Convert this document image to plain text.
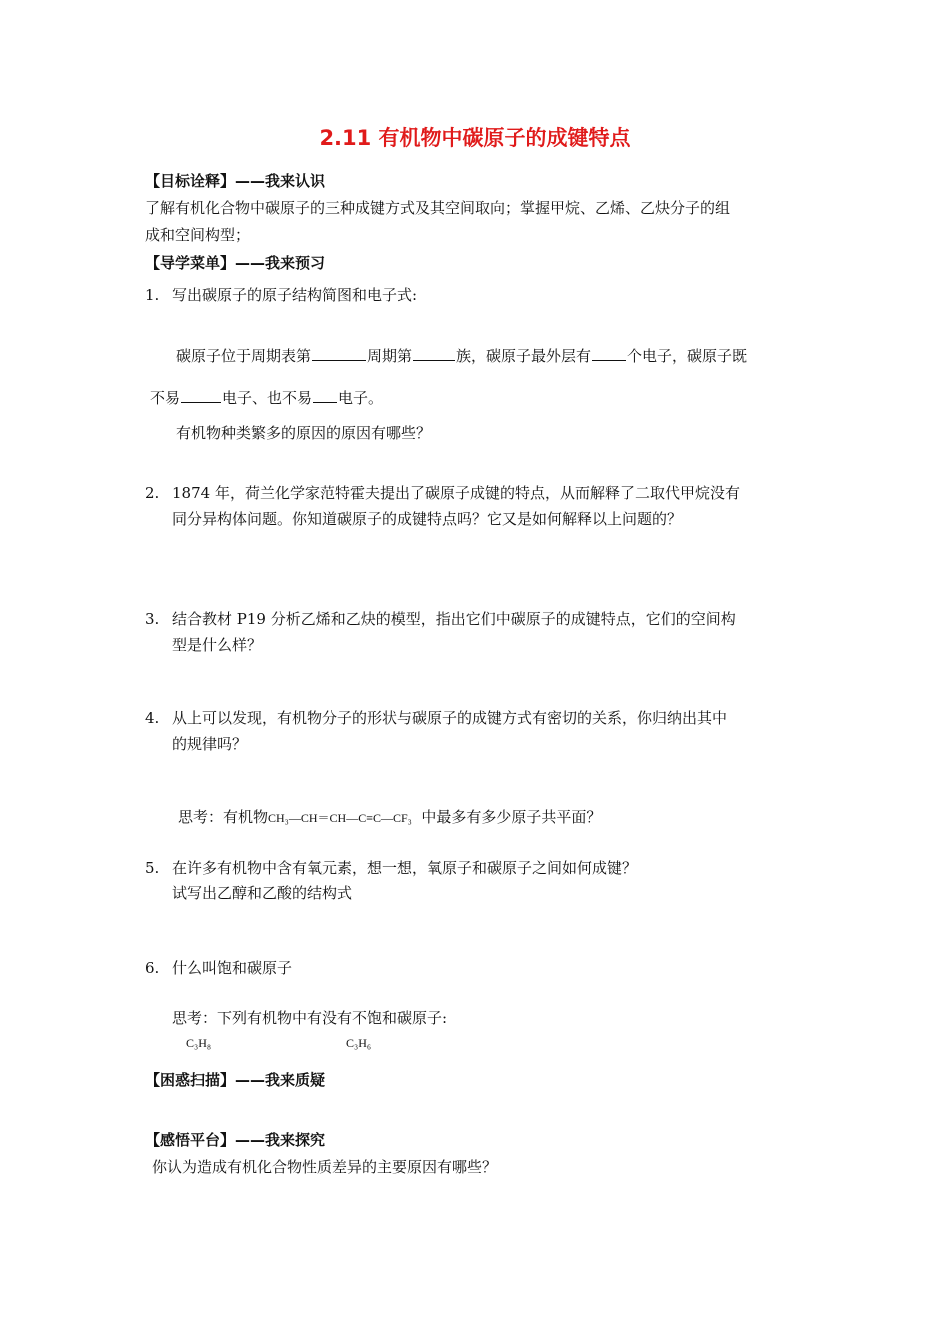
2.11 有机物中碳原子的成键特点
【目标诠释】——我来认识
了解有机化合物中碳原子的三种成键方式及其空间取向；掌握甲烷、乙烯、乙炔分子的组
成和空间构型；
【导学菜单】——我来预习
1. 写出碳原子的原子结构简图和电子式:
碳原子位于周期表第	周期第	族，碳原子最外层有 个电子，碳原子既
不易	电子、也不易 电子。
有机物种类繁多的原因的原因有哪些？
2. 1874 年，荷兰化学家范特霍夫提出了碳原子成键的特点，从而解释了二取代甲烷没有
同分异构体问题。你知道碳原子的成键特点吗？它又是如何解释以上问题的？
3. 结合教材 P19 分析乙烯和乙炔的模型，指出它们中碳原子的成键特点，它们的空间构
型是什么样？
4. 从上可以发现，有机物分子的形状与碳原子的成键方式有密切的关系，你归纳出其中
的规律吗？
思考：有机物CH₃—CH＝CH—C≡C—CF₃ 中最多有多少原子共平面？
5. 在许多有机物中含有氧元素，想一想，氧原子和碳原子之间如何成键？
试写出乙醇和乙酸的结构式
6. 什么叫饱和碳原子
思考：下列有机物中有没有不饱和碳原子:
C₃H₈	C₃H₆
【困惑扫描】——我来质疑
【感悟平台】——我来探究
你认为造成有机化合物性质差异的主要原因有哪些？
